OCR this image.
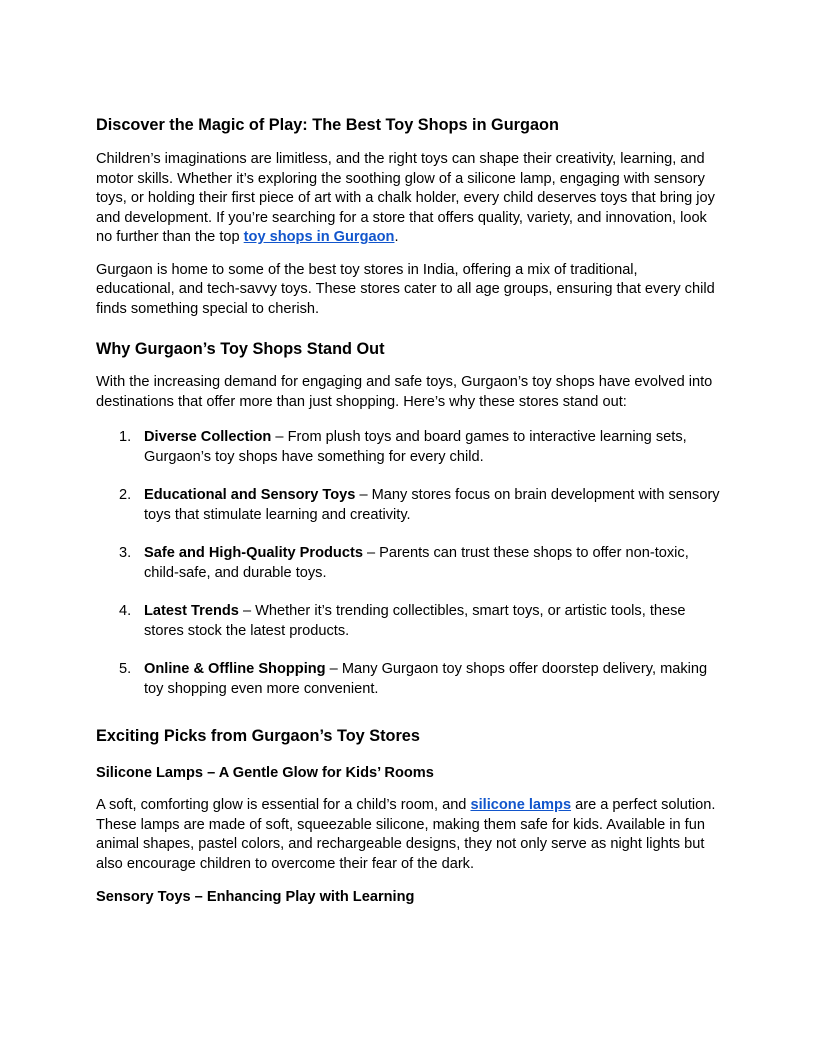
Discover the Magic of Play: The Best Toy Shops in Gurgaon

Children’s imaginations are limitless, and the right toys can shape their creativity, learning, and motor skills. Whether it’s exploring the soothing glow of a silicone lamp, engaging with sensory toys, or holding their first piece of art with a chalk holder, every child deserves toys that bring joy and development. If you’re searching for a store that offers quality, variety, and innovation, look no further than the top toy shops in Gurgaon.

Gurgaon is home to some of the best toy stores in India, offering a mix of traditional, educational, and tech-savvy toys. These stores cater to all age groups, ensuring that every child finds something special to cherish.

Why Gurgaon’s Toy Shops Stand Out

With the increasing demand for engaging and safe toys, Gurgaon’s toy shops have evolved into destinations that offer more than just shopping. Here’s why these stores stand out:

1. Diverse Collection – From plush toys and board games to interactive learning sets, Gurgaon’s toy shops have something for every child.
2. Educational and Sensory Toys – Many stores focus on brain development with sensory toys that stimulate learning and creativity.
3. Safe and High-Quality Products – Parents can trust these shops to offer non-toxic, child-safe, and durable toys.
4. Latest Trends – Whether it’s trending collectibles, smart toys, or artistic tools, these stores stock the latest products.
5. Online & Offline Shopping – Many Gurgaon toy shops offer doorstep delivery, making toy shopping even more convenient.
Exciting Picks from Gurgaon’s Toy Stores
Silicone Lamps – A Gentle Glow for Kids’ Rooms

A soft, comforting glow is essential for a child’s room, and silicone lamps are a perfect solution. These lamps are made of soft, squeezable silicone, making them safe for kids. Available in fun animal shapes, pastel colors, and rechargeable designs, they not only serve as night lights but also encourage children to overcome their fear of the dark.

Sensory Toys – Enhancing Play with Learning
